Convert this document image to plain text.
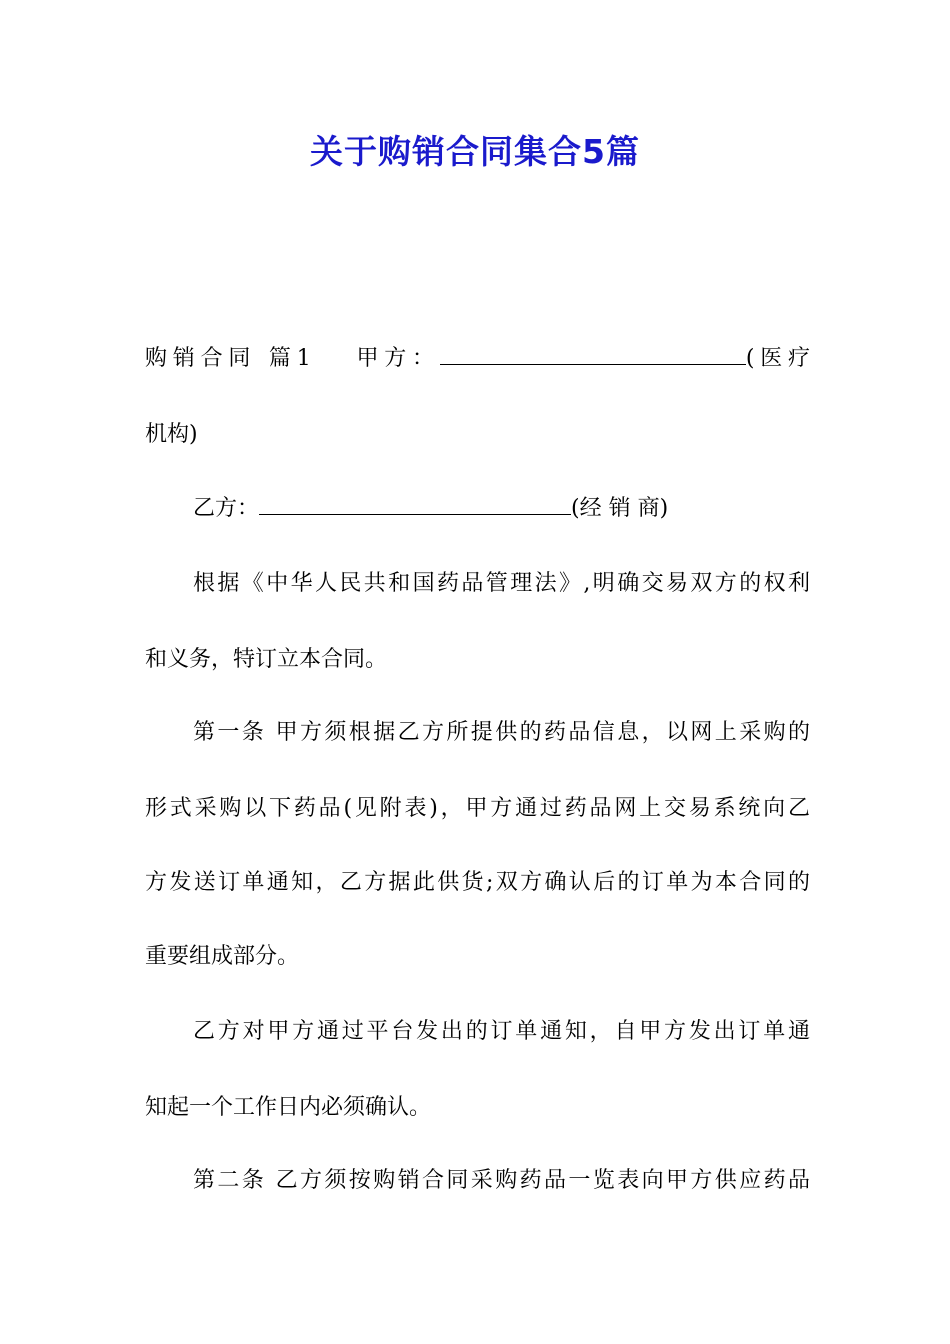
关于购销合同集合5篇

购销合同 篇1 甲方：	(医疗

机构)

乙方：	(经 销 商)

根据《中华人民共和国药品管理法》,明确交易双方的权利

和义务，特订立本合同。

第一条 甲方须根据乙方所提供的药品信息，以网上采购的

形式采购以下药品(见附表)，甲方通过药品网上交易系统向乙

方发送订单通知，乙方据此供货;双方确认后的订单为本合同的

重要组成部分。

乙方对甲方通过平台发出的订单通知，自甲方发出订单通

知起一个工作日内必须确认。

第二条 乙方须按购销合同采购药品一览表向甲方供应药品
